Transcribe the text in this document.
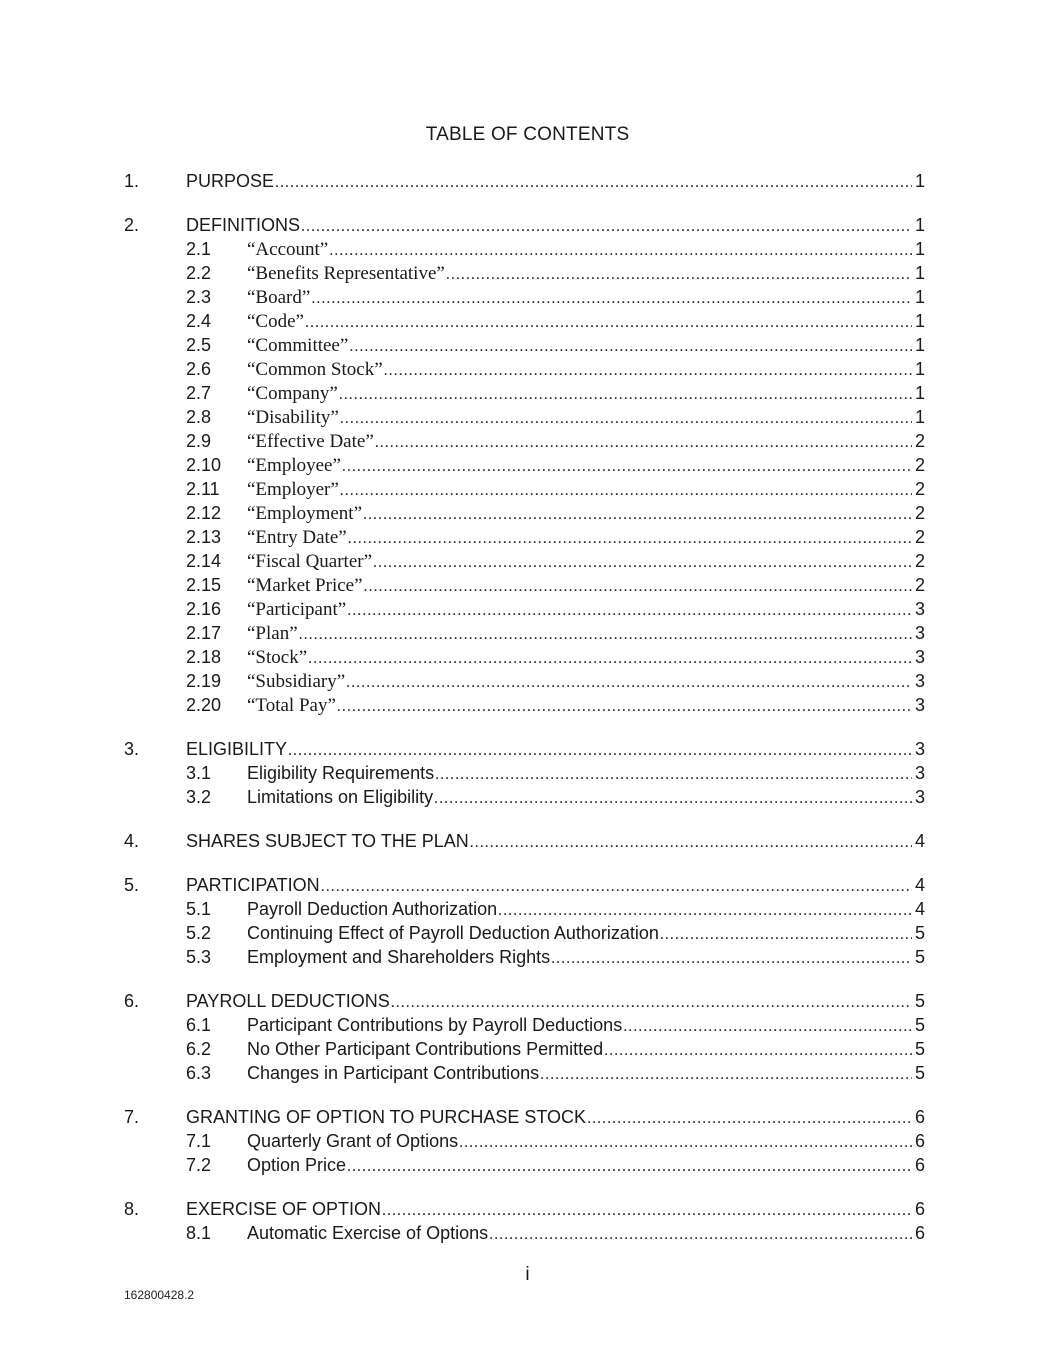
TABLE OF CONTENTS
1.	PURPOSE .....	1
2.	DEFINITIONS .....	1
2.1 “Account” .....	1
2.2 “Benefits Representative” .....	1
2.3 “Board” .....	1
2.4 “Code” .....	1
2.5 “Committee” .....	1
2.6 “Common Stock” .....	1
2.7 “Company” .....	1
2.8 “Disability” .....	1
2.9 “Effective Date” .....	2
2.10 “Employee” .....	2
2.11 “Employer” .....	2
2.12 “Employment” .....	2
2.13 “Entry Date” .....	2
2.14 “Fiscal Quarter” .....	2
2.15 “Market Price” .....	2
2.16 “Participant” .....	3
2.17 “Plan” .....	3
2.18 “Stock” .....	3
2.19 “Subsidiary” .....	3
2.20 “Total Pay” .....	3
3.	ELIGIBILITY .....	3
3.1 Eligibility Requirements .....	3
3.2 Limitations on Eligibility .....	3
4.	SHARES SUBJECT TO THE PLAN .....	4
5.	PARTICIPATION .....	4
5.1 Payroll Deduction Authorization .....	4
5.2 Continuing Effect of Payroll Deduction Authorization .....	5
5.3 Employment and Shareholders Rights .....	5
6.	PAYROLL DEDUCTIONS .....	5
6.1 Participant Contributions by Payroll Deductions .....	5
6.2 No Other Participant Contributions Permitted .....	5
6.3 Changes in Participant Contributions .....	5
7.	GRANTING OF OPTION TO PURCHASE STOCK .....	6
7.1 Quarterly Grant of Options .....	6
7.2 Option Price .....	6
8.	EXERCISE OF OPTION .....	6
8.1 Automatic Exercise of Options .....	6
i
162800428.2
